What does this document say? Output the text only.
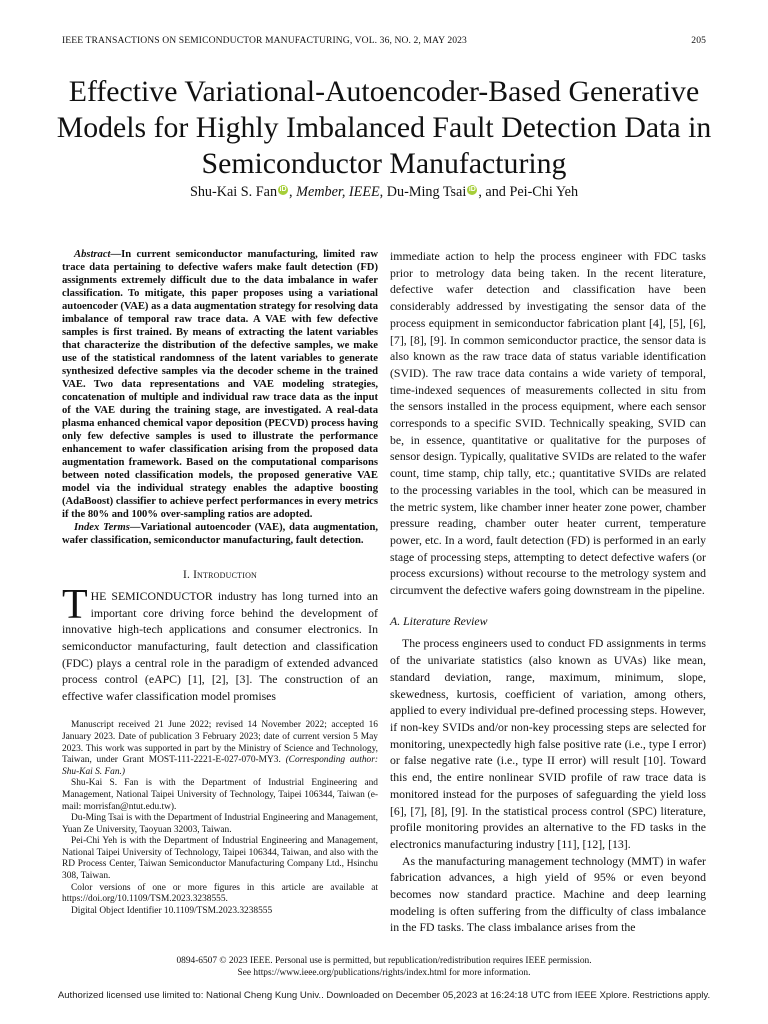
IEEE TRANSACTIONS ON SEMICONDUCTOR MANUFACTURING, VOL. 36, NO. 2, MAY 2023	205
Effective Variational-Autoencoder-Based Generative Models for Highly Imbalanced Fault Detection Data in Semiconductor Manufacturing
Shu-Kai S. Fan iD , Member, IEEE, Du-Ming Tsai iD , and Pei-Chi Yeh

Abstract—In current semiconductor manufacturing, limited raw trace data pertaining to defective wafers make fault detection (FD) assignments extremely difficult due to the data imbalance in wafer classification. To mitigate, this paper proposes using a variational autoencoder (VAE) as a data augmentation strategy for resolving data imbalance of temporal raw trace data. A VAE with few defective samples is first trained. By means of extracting the latent variables that characterize the distribution of the defective samples, we make use of the statistical randomness of the latent variables to generate synthesized defective samples via the decoder scheme in the trained VAE. Two data representations and VAE modeling strategies, concatenation of multiple and individual raw trace data as the input of the VAE during the training stage, are investigated. A real-data plasma enhanced chemical vapor deposition (PECVD) process having only few defective samples is used to illustrate the performance enhancement to wafer classification arising from the proposed data augmentation framework. Based on the computational comparisons between noted classification models, the proposed generative VAE model via the individual strategy enables the adaptive boosting (AdaBoost) classifier to achieve perfect performances in every metrics if the 80% and 100% over-sampling ratios are adopted.

Index Terms—Variational autoencoder (VAE), data augmentation, wafer classification, semiconductor manufacturing, fault detection.

I. Introduction

THE SEMICONDUCTOR industry has long turned into an important core driving force behind the development of innovative high-tech applications and consumer electronics. In semiconductor manufacturing, fault detection and classification (FDC) plays a central role in the paradigm of extended advanced process control (eAPC) [1], [2], [3]. The construction of an effective wafer classification model promises

Manuscript received 21 June 2022; revised 14 November 2022; accepted 16 January 2023. Date of publication 3 February 2023; date of current version 5 May 2023. This work was supported in part by the Ministry of Science and Technology, Taiwan, under Grant MOST-111-2221-E-027-070-MY3. (Corresponding author: Shu-Kai S. Fan.)

Shu-Kai S. Fan is with the Department of Industrial Engineering and Management, National Taipei University of Technology, Taipei 106344, Taiwan (e-mail: morrisfan@ntut.edu.tw).

Du-Ming Tsai is with the Department of Industrial Engineering and Management, Yuan Ze University, Taoyuan 32003, Taiwan.

Pei-Chi Yeh is with the Department of Industrial Engineering and Management, National Taipei University of Technology, Taipei 106344, Taiwan, and also with the RD Process Center, Taiwan Semiconductor Manufacturing Company Ltd., Hsinchu 308, Taiwan.

Color versions of one or more figures in this article are available at https://doi.org/10.1109/TSM.2023.3238555.

Digital Object Identifier 10.1109/TSM.2023.3238555

immediate action to help the process engineer with FDC tasks prior to metrology data being taken. In the recent literature, defective wafer detection and classification have been considerably addressed by investigating the sensor data of the process equipment in semiconductor fabrication plant [4], [5], [6], [7], [8], [9]. In common semiconductor practice, the sensor data is also known as the raw trace data of status variable identification (SVID). The raw trace data contains a wide variety of temporal, time-indexed sequences of measurements collected in situ from the sensors installed in the process equipment, where each sensor corresponds to a specific SVID. Technically speaking, SVID can be, in essence, quantitative or qualitative for the purposes of sensor design. Typically, qualitative SVIDs are related to the wafer count, time stamp, chip tally, etc.; quantitative SVIDs are related to the processing variables in the tool, which can be measured in the metric system, like chamber inner heater zone power, chamber pressure reading, chamber outer heater current, temperature power, etc. In a word, fault detection (FD) is performed in an early stage of processing steps, attempting to detect defective wafers (or process excursions) without recourse to the metrology system and circumvent the defective wafers going downstream in the pipeline.

A. Literature Review

The process engineers used to conduct FD assignments in terms of the univariate statistics (also known as UVAs) like mean, standard deviation, range, maximum, minimum, slope, skewedness, kurtosis, coefficient of variation, among others, applied to every individual pre-defined processing steps. However, if non-key SVIDs and/or non-key processing steps are selected for monitoring, unexpectedly high false positive rate (i.e., type I error) or false negative rate (i.e., type II error) will result [10]. Toward this end, the entire nonlinear SVID profile of raw trace data is monitored instead for the purposes of safeguarding the yield loss [6], [7], [8], [9]. In the statistical process control (SPC) literature, profile monitoring provides an alternative to the FD tasks in the electronics manufacturing industry [11], [12], [13].

As the manufacturing management technology (MMT) in wafer fabrication advances, a high yield of 95% or even beyond becomes now standard practice. Machine and deep learning modeling is often suffering from the difficulty of class imbalance in the FD tasks. The class imbalance arises from the

0894-6507 © 2023 IEEE. Personal use is permitted, but republication/redistribution requires IEEE permission.
See https://www.ieee.org/publications/rights/index.html for more information.
Authorized licensed use limited to: National Cheng Kung Univ.. Downloaded on December 05,2023 at 16:24:18 UTC from IEEE Xplore. Restrictions apply.
